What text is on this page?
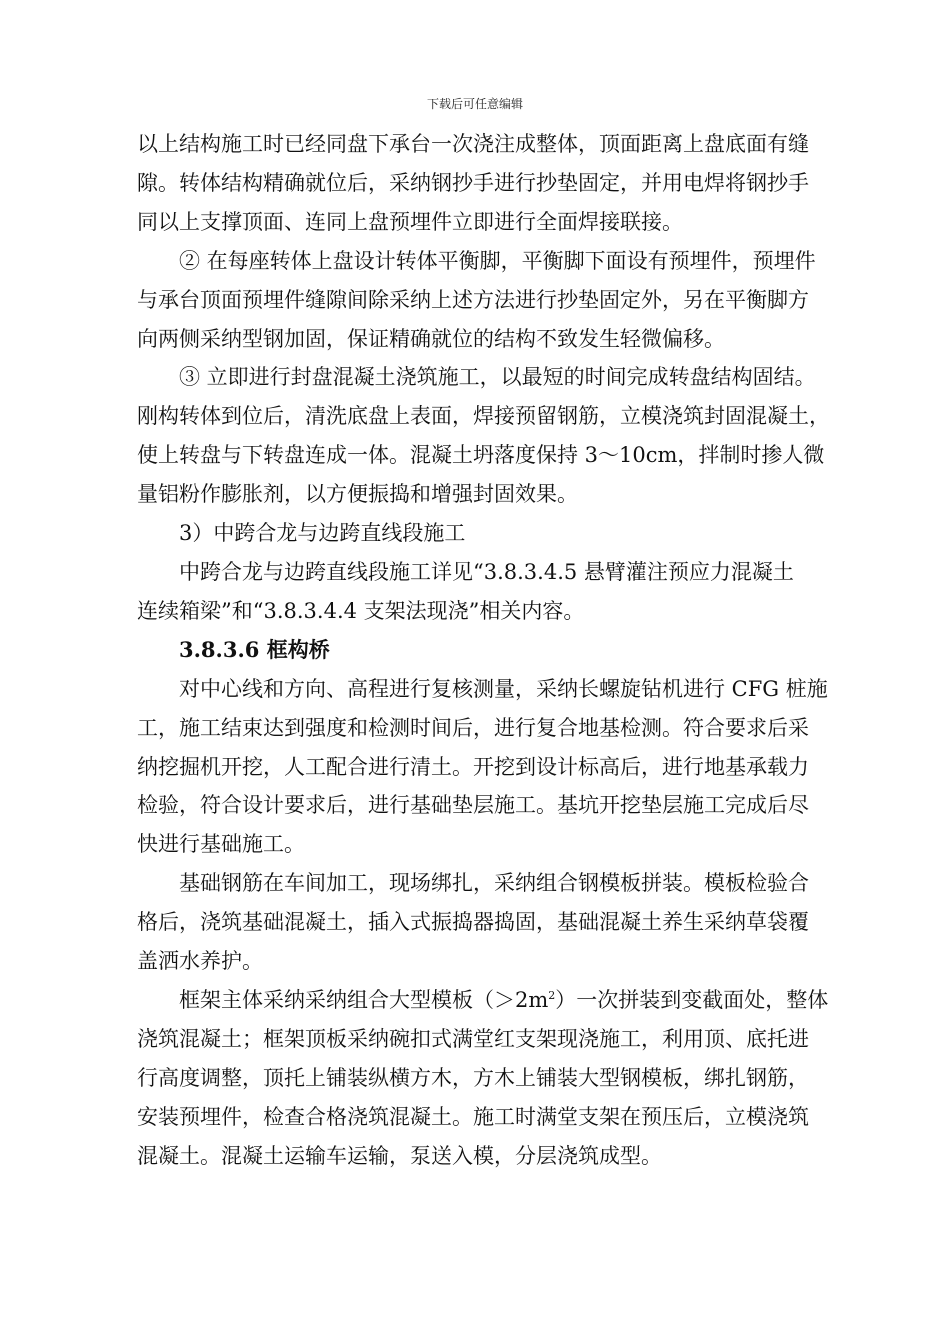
下载后可任意编辑

以上结构施工时已经同盘下承台一次浇注成整体，顶面距离上盘底面有缝

隙。转体结构精确就位后，采纳钢抄手进行抄垫固定，并用电焊将钢抄手

同以上支撑顶面、连同上盘预埋件立即进行全面焊接联接。

② 在每座转体上盘设计转体平衡脚，平衡脚下面设有预埋件，预埋件

与承台顶面预埋件缝隙间除采纳上述方法进行抄垫固定外，另在平衡脚方

向两侧采纳型钢加固，保证精确就位的结构不致发生轻微偏移。

③ 立即进行封盘混凝土浇筑施工，以最短的时间完成转盘结构固结。

刚构转体到位后，清洗底盘上表面，焊接预留钢筋，立模浇筑封固混凝土，

使上转盘与下转盘连成一体。混凝土坍落度保持 3～10cm，拌制时掺人微

量铝粉作膨胀剂，以方便振捣和增强封固效果。

3）中跨合龙与边跨直线段施工

中跨合龙与边跨直线段施工详见“3.8.3.4.5 悬臂灌注预应力混凝土

连续箱梁”和“3.8.3.4.4 支架法现浇”相关内容。

3.8.3.6 框构桥

对中心线和方向、高程进行复核测量，采纳长螺旋钻机进行 CFG 桩施

工，施工结束达到强度和检测时间后，进行复合地基检测。符合要求后采

纳挖掘机开挖，人工配合进行清土。开挖到设计标高后，进行地基承载力

检验，符合设计要求后，进行基础垫层施工。基坑开挖垫层施工完成后尽

快进行基础施工。

基础钢筋在车间加工，现场绑扎，采纳组合钢模板拼装。模板检验合

格后，浇筑基础混凝土，插入式振捣器捣固，基础混凝土养生采纳草袋覆

盖洒水养护。

框架主体采纳采纳组合大型模板$(>2m^2)$一次拼装到变截面处，整体

浇筑混凝土；框架顶板采纳碗扣式满堂红支架现浇施工，利用顶、底托进

行高度调整，顶托上铺装纵横方木，方木上铺装大型钢模板，绑扎钢筋，

安装预埋件，检查合格浇筑混凝土。施工时满堂支架在预压后，立模浇筑

混凝土。混凝土运输车运输，泵送入模，分层浇筑成型。
